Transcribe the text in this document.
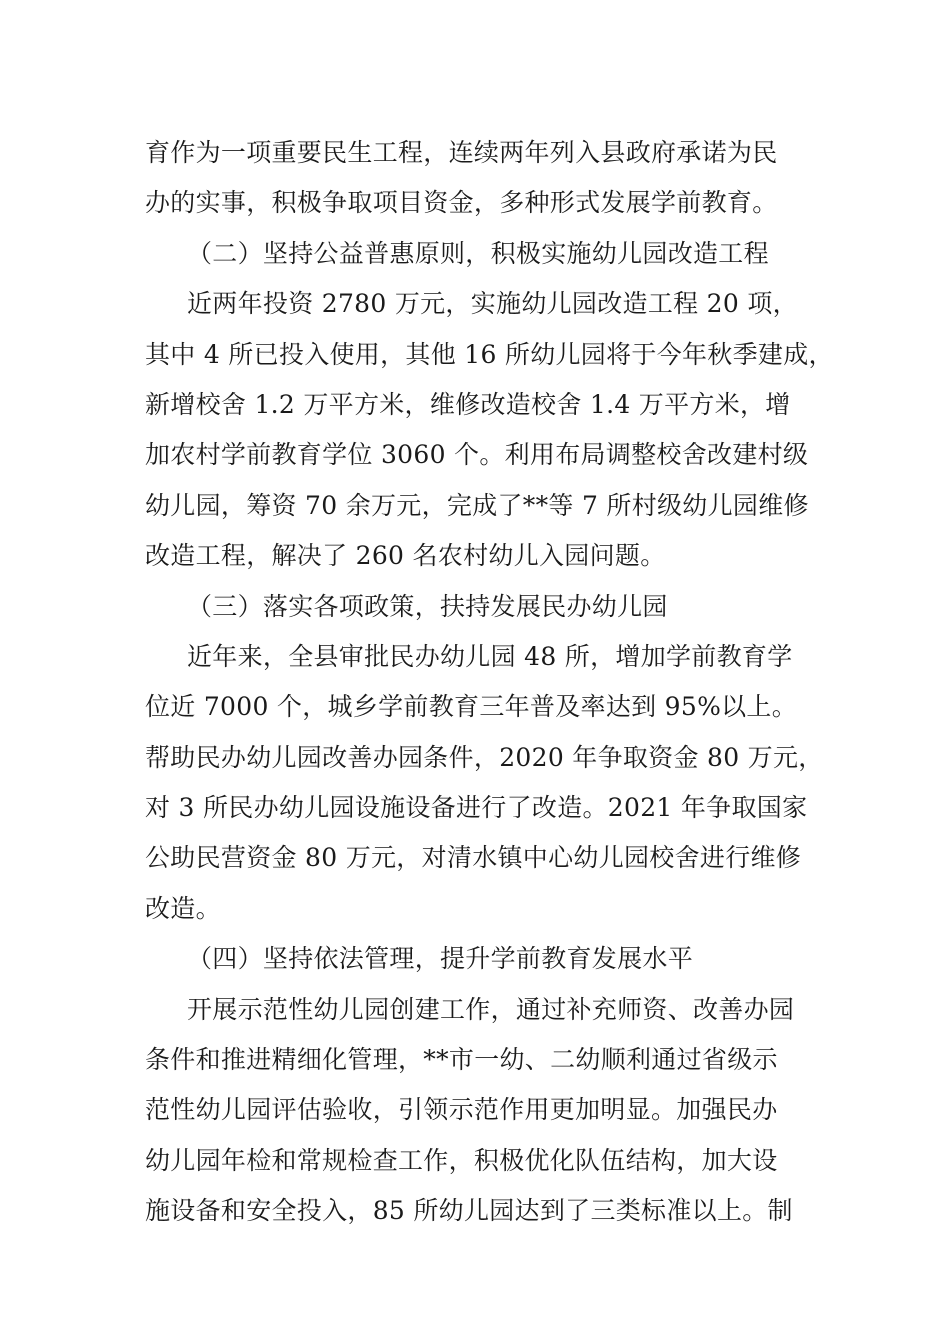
育作为一项重要民生工程，连续两年列入县政府承诺为民
办的实事，积极争取项目资金，多种形式发展学前教育。
（二）坚持公益普惠原则，积极实施幼儿园改造工程
近两年投资 2780 万元，实施幼儿园改造工程 20 项，
其中 4 所已投入使用，其他 16 所幼儿园将于今年秋季建成，
新增校舍 1.2 万平方米，维修改造校舍 1.4 万平方米，增
加农村学前教育学位 3060 个。利用布局调整校舍改建村级
幼儿园，筹资 70 余万元，完成了**等 7 所村级幼儿园维修
改造工程，解决了 260 名农村幼儿入园问题。
（三）落实各项政策，扶持发展民办幼儿园
近年来，全县审批民办幼儿园 48 所，增加学前教育学
位近 7000 个，城乡学前教育三年普及率达到 95%以上。
帮助民办幼儿园改善办园条件，2020 年争取资金 80 万元，
对 3 所民办幼儿园设施设备进行了改造。2021 年争取国家
公助民营资金 80 万元，对清水镇中心幼儿园校舍进行维修
改造。
（四）坚持依法管理，提升学前教育发展水平
开展示范性幼儿园创建工作，通过补充师资、改善办园
条件和推进精细化管理，**市一幼、二幼顺利通过省级示
范性幼儿园评估验收，引领示范作用更加明显。加强民办
幼儿园年检和常规检查工作，积极优化队伍结构，加大设
施设备和安全投入，85 所幼儿园达到了三类标准以上。制
